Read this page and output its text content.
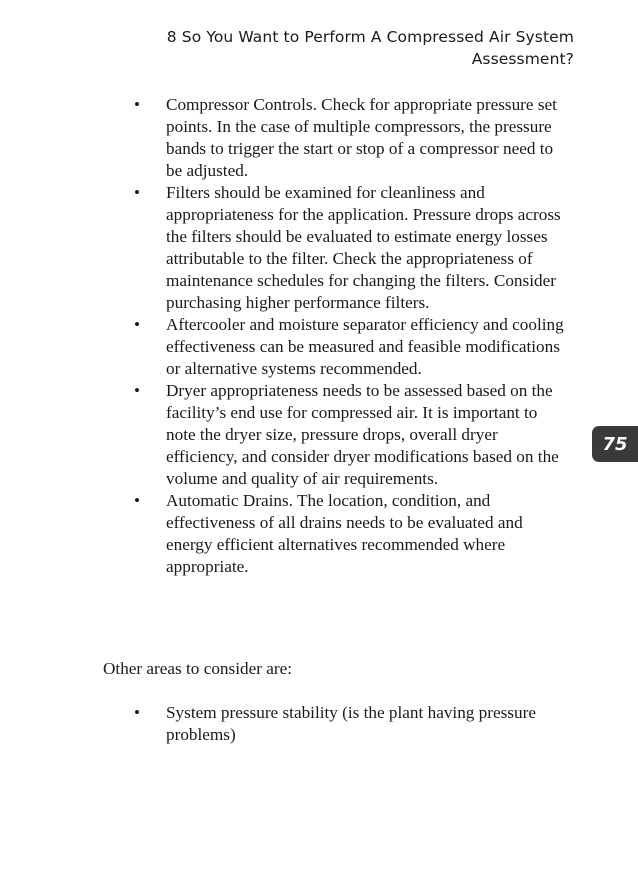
8 So You Want to Perform A Compressed Air System
Assessment?
75
• Compressor Controls. Check for appropriate pressure set points. In the case of multiple compressors, the pressure bands to trigger the start or stop of a compressor need to be adjusted.
• Filters should be examined for cleanliness and appropriateness for the application. Pressure drops across the filters should be evaluated to estimate energy losses attributable to the filter. Check the appropriateness of maintenance schedules for changing the filters. Consider purchasing higher performance filters.
• Aftercooler and moisture separator efficiency and cooling effectiveness can be measured and feasible modifications or alternative systems recommended.
• Dryer appropriateness needs to be assessed based on the facility’s end use for compressed air. It is important to note the dryer size, pressure drops, overall dryer efficiency, and consider dryer modifications based on the volume and quality of air requirements.
• Automatic Drains. The location, condition, and effectiveness of all drains needs to be evaluated and energy efficient alternatives recommended where appropriate.

Other areas to consider are:

• System pressure stability (is the plant having pressure problems)
